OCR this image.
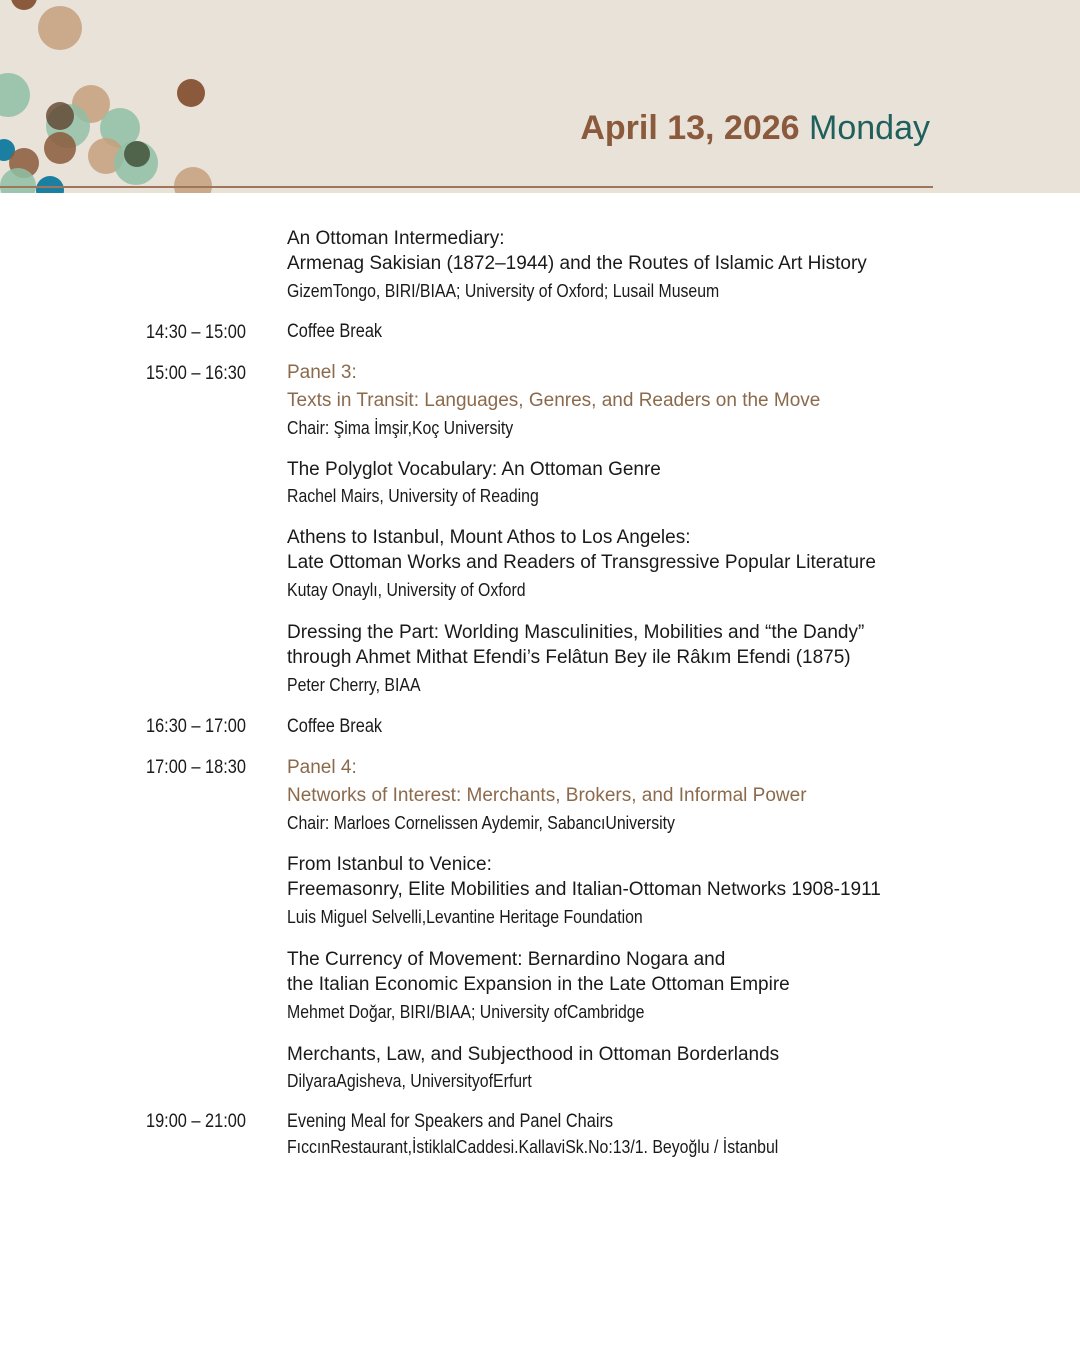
April 13, 2026 Monday
An Ottoman Intermediary:
Armenag Sakisian (1872–1944) and the Routes of Islamic Art History
GizemTongo, BIRI/BIAA; University of Oxford; Lusail Museum
14:30 – 15:00 Coffee Break
15:00 – 16:30 Panel 3:
Texts in Transit: Languages, Genres, and Readers on the Move
Chair: Şima İmşir,Koç University
The Polyglot Vocabulary: An Ottoman Genre
Rachel Mairs, University of Reading
Athens to Istanbul, Mount Athos to Los Angeles:
Late Ottoman Works and Readers of Transgressive Popular Literature
Kutay Onaylı, University of Oxford
Dressing the Part: Worlding Masculinities, Mobilities and “the Dandy”
through Ahmet Mithat Efendi’s Felâtun Bey ile Râkım Efendi (1875)
Peter Cherry, BIAA
16:30 – 17:00 Coffee Break
17:00 – 18:30 Panel 4:
Networks of Interest: Merchants, Brokers, and Informal Power
Chair: Marloes Cornelissen Aydemir, SabancıUniversity
From Istanbul to Venice:
Freemasonry, Elite Mobilities and Italian-Ottoman Networks 1908-1911
Luis Miguel Selvelli,Levantine Heritage Foundation
The Currency of Movement: Bernardino Nogara and
the Italian Economic Expansion in the Late Ottoman Empire
Mehmet Doğar, BIRI/BIAA; University ofCambridge
Merchants, Law, and Subjecthood in Ottoman Borderlands
DilyaraAgisheva, UniversityofErfurt
19:00 – 21:00 Evening Meal for Speakers and Panel Chairs
FıccınRestaurant,İstiklalCaddesi.KallaviSk.No:13/1. Beyoğlu / İstanbul
